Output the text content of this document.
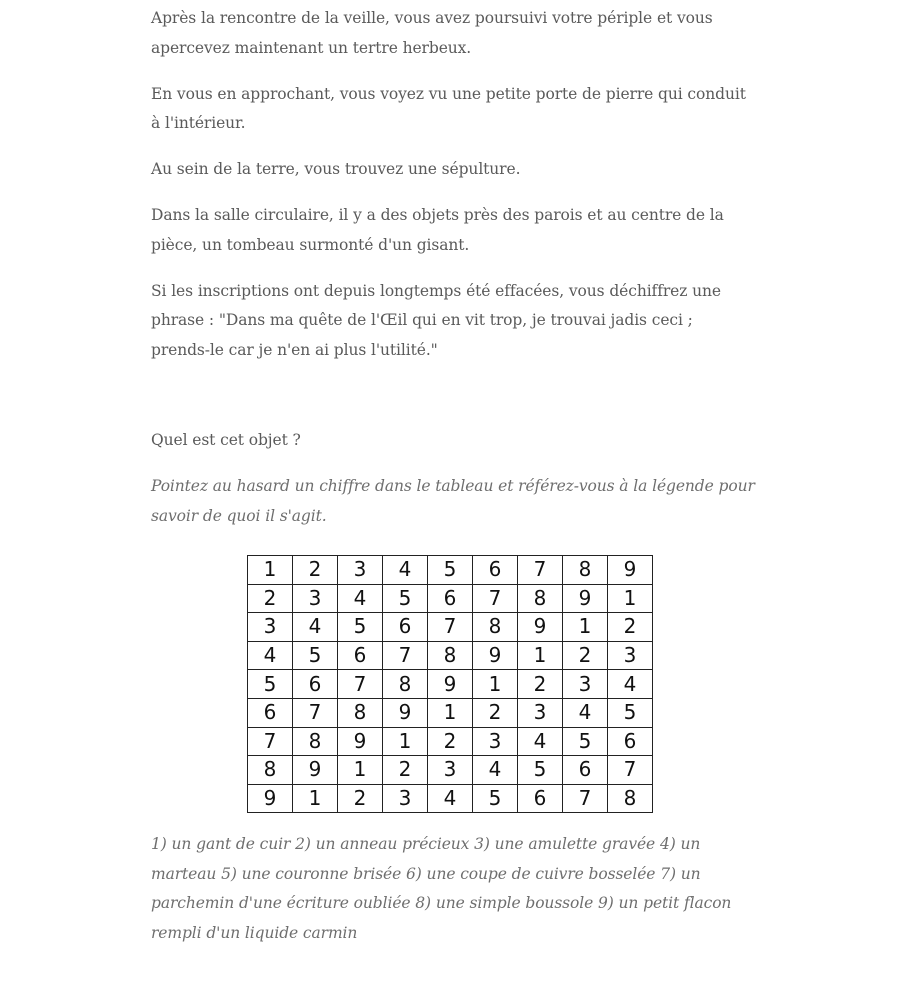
Après la rencontre de la veille, vous avez poursuivi votre périple et vous apercevez maintenant un tertre herbeux.

En vous en approchant, vous voyez vu une petite porte de pierre qui conduit à l'intérieur.

Au sein de la terre, vous trouvez une sépulture.

Dans la salle circulaire, il y a des objets près des parois et au centre de la pièce, un tombeau surmonté d'un gisant.

Si les inscriptions ont depuis longtemps été effacées, vous déchiffrez une phrase : "Dans ma quête de l'Œil qui en vit trop, je trouvai jadis ceci ; prends-le car je n'en ai plus l'utilité."

Quel est cet objet ?

Pointez au hasard un chiffre dans le tableau et référez-vous à la légende pour savoir de quoi il s'agit.

1	2	3	4	5	6	7	8	9
2	3	4	5	6	7	8	9	1
3	4	5	6	7	8	9	1	2
4	5	6	7	8	9	1	2	3
5	6	7	8	9	1	2	3	4
6	7	8	9	1	2	3	4	5
7	8	9	1	2	3	4	5	6
8	9	1	2	3	4	5	6	7
9	1	2	3	4	5	6	7	8

1) un gant de cuir 2) un anneau précieux 3) une amulette gravée 4) un marteau 5) une couronne brisée 6) une coupe de cuivre bosselée 7) un parchemin d'une écriture oubliée 8) une simple boussole 9) un petit flacon rempli d'un liquide carmin
